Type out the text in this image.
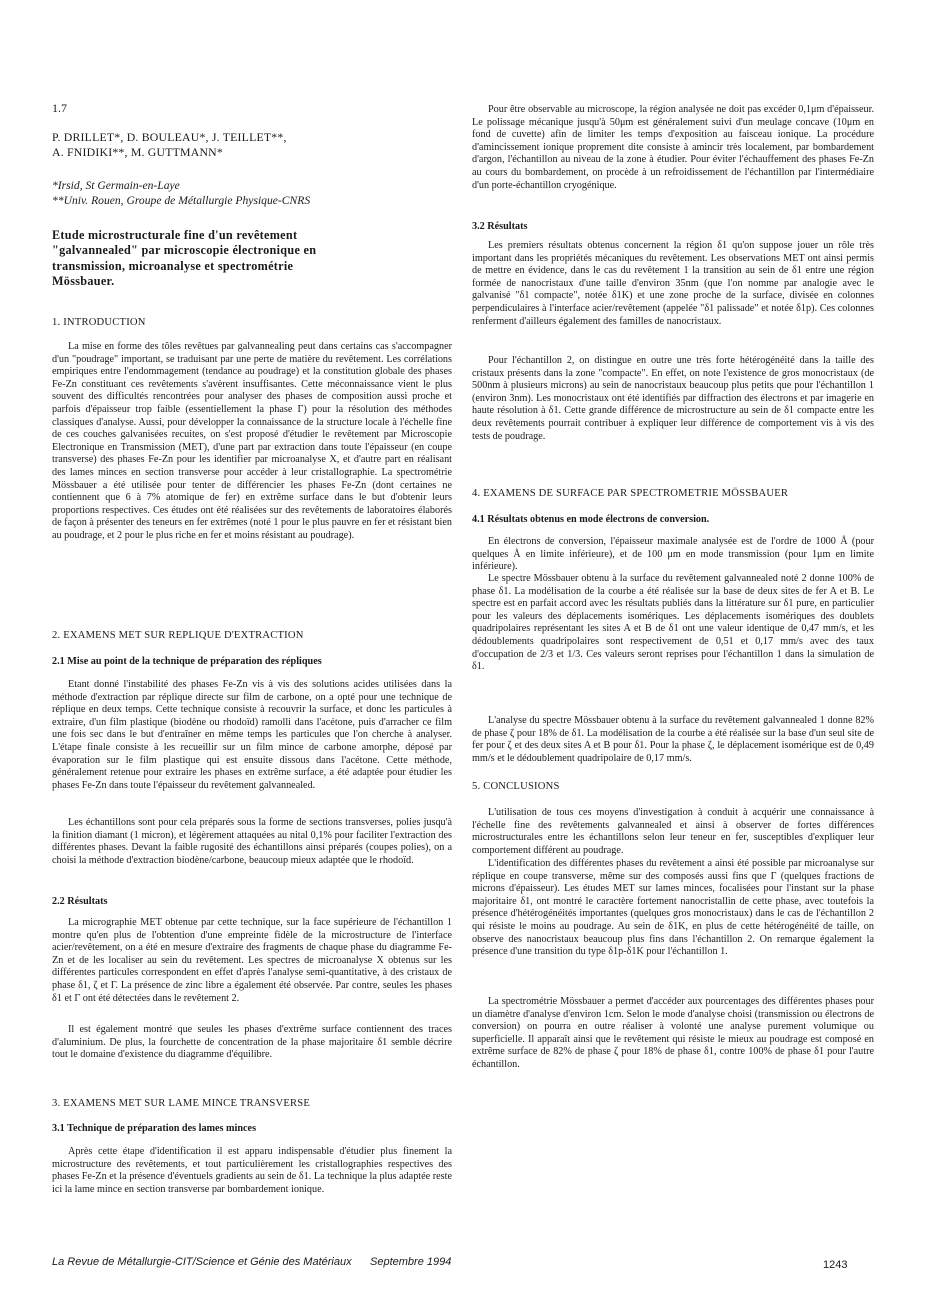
1.7
P. DRILLET*, D. BOULEAU*, J. TEILLET**,
A. FNIDIKI**, M. GUTTMANN*
*Irsid, St Germain-en-Laye
**Univ. Rouen, Groupe de Métallurgie Physique-CNRS
Etude microstructurale fine d'un revêtement "galvannealed" par microscopie électronique en transmission, microanalyse et spectrométrie Mössbauer.
1. INTRODUCTION

La mise en forme des tôles revêtues par galvannealing peut dans certains cas s'accompagner d'un "poudrage" important, se traduisant par une perte de matière du revêtement. Les corrélations empiriques entre l'endommagement (tendance au poudrage) et la constitution globale des phases Fe-Zn constituant ces revêtements s'avèrent insuffisantes. Cette méconnaissance vient le plus souvent des difficultés rencontrées pour analyser des phases de composition aussi proche et parfois d'épaisseur trop faible (essentiellement la phase Γ) pour la résolution des méthodes classiques d'analyse. Aussi, pour développer la connaissance de la structure locale à l'échelle fine de ces couches galvanisées recuites, on s'est proposé d'étudier le revêtement par Microscopie Electronique en Transmission (MET), d'une part par extraction dans toute l'épaisseur (en coupe transverse) des phases Fe-Zn pour les identifier par microanalyse X, et d'autre part en réalisant des lames minces en section transverse pour accéder à leur cristallographie. La spectrométrie Mössbauer a été utilisée pour tenter de différencier les phases Fe-Zn (dont certaines ne contiennent que 6 à 7% atomique de fer) en extrême surface dans le but d'obtenir leurs proportions respectives. Ces études ont été réalisées sur des revêtements de laboratoires élaborés de façon à présenter des teneurs en fer extrêmes (noté 1 pour le plus pauvre en fer et résistant bien au poudrage, et 2 pour le plus riche en fer et moins résistant au poudrage).

2. EXAMENS MET SUR REPLIQUE D'EXTRACTION
2.1 Mise au point de la technique de préparation des répliques

Etant donné l'instabilité des phases Fe-Zn vis à vis des solutions acides utilisées dans la méthode d'extraction par réplique directe sur film de carbone, on a opté pour une technique de réplique en deux temps. Cette technique consiste à recouvrir la surface, et donc les particules à extraire, d'un film plastique (biodène ou rhodoïd) ramolli dans l'acétone, puis d'arracher ce film une fois sec dans le but d'entraîner en même temps les particules que l'on cherche à analyser. L'étape finale consiste à les recueillir sur un film mince de carbone amorphe, déposé par évaporation sur le film plastique qui est ensuite dissous dans l'acétone. Cette méthode, généralement retenue pour extraire les phases en extrême surface, a été adaptée pour étudier les phases Fe-Zn dans toute l'épaisseur du revêtement galvannealed.

Les échantillons sont pour cela préparés sous la forme de sections transverses, polies jusqu'à la finition diamant (1 micron), et légèrement attaquées au nital 0,1% pour faciliter l'extraction des différentes phases. Devant la faible rugosité des échantillons ainsi préparés (coupes polies), on a choisi la méthode d'extraction biodène/carbone, beaucoup mieux adaptée que le rhodoïd.

2.2 Résultats

La micrographie MET obtenue par cette technique, sur la face supérieure de l'échantillon 1 montre qu'en plus de l'obtention d'une empreinte fidèle de la microstructure de l'interface acier/revêtement, on a été en mesure d'extraire des fragments de chaque phase du diagramme Fe-Zn et de les localiser au sein du revêtement. Les spectres de microanalyse X obtenus sur les différentes particules correspondent en effet d'après l'analyse semi-quantitative, à des cristaux de phase δ1, ζ et Γ. La présence de zinc libre a également été observée. Par contre, seules les phases δ1 et Γ ont été détectées dans le revêtement 2.

Il est également montré que seules les phases d'extrême surface contiennent des traces d'aluminium. De plus, la fourchette de concentration de la phase majoritaire δ1 semble décrire tout le domaine d'existence du diagramme d'équilibre.

3. EXAMENS MET SUR LAME MINCE TRANSVERSE
3.1 Technique de préparation des lames minces

Après cette étape d'identification il est apparu indispensable d'étudier plus finement la microstructure des revêtements, et tout particulièrement les cristallographies respectives des phases Fe-Zn et la présence d'éventuels gradients au sein de δ1. La technique la plus adaptée reste ici la lame mince en section transverse par bombardement ionique.

Pour être observable au microscope, la région analysée ne doit pas excéder 0,1μm d'épaisseur. Le polissage mécanique jusqu'à 50μm est généralement suivi d'un meulage concave (10μm en fond de cuvette) afin de limiter les temps d'exposition au faisceau ionique. La procédure d'amincissement ionique proprement dite consiste à amincir très localement, par bombardement d'argon, l'échantillon au niveau de la zone à étudier. Pour éviter l'échauffement des phases Fe-Zn au cours du bombardement, on procède à un refroidissement de l'échantillon par l'intermédiaire d'un porte-échantillon cryogénique.

3.2 Résultats

Les premiers résultats obtenus concernent la région δ1 qu'on suppose jouer un rôle très important dans les propriétés mécaniques du revêtement. Les observations MET ont ainsi permis de mettre en évidence, dans le cas du revêtement 1 la transition au sein de δ1 entre une région formée de nanocristaux d'une taille d'environ 35nm (que l'on nomme par analogie avec le galvanisé "δ1 compacte", notée δ1K) et une zone proche de la surface, divisée en colonnes perpendiculaires à l'interface acier/revêtement (appelée "δ1 palissade" et notée δ1p). Ces colonnes renferment d'ailleurs également des familles de nanocristaux.

Pour l'échantillon 2, on distingue en outre une très forte hétérogénéité dans la taille des cristaux présents dans la zone "compacte". En effet, on note l'existence de gros monocristaux (de 500nm à plusieurs microns) au sein de nanocristaux beaucoup plus petits que pour l'échantillon 1 (environ 3nm). Les monocristaux ont été identifiés par diffraction des électrons et par imagerie en haute résolution à δ1. Cette grande différence de microstructure au sein de δ1 compacte entre les deux revêtements pourrait contribuer à expliquer leur différence de comportement vis à vis des tests de poudrage.

4. EXAMENS DE SURFACE PAR SPECTROMETRIE MÖSSBAUER
4.1 Résultats obtenus en mode électrons de conversion.

En électrons de conversion, l'épaisseur maximale analysée est de l'ordre de 1000 Å (pour quelques Å en limite inférieure), et de 100 μm en mode transmission (pour 1μm en limite inférieure).

Le spectre Mössbauer obtenu à la surface du revêtement galvannealed noté 2 donne 100% de phase δ1. La modélisation de la courbe a été réalisée sur la base de deux sites de fer A et B. Le spectre est en parfait accord avec les résultats publiés dans la littérature sur δ1 pure, en particulier pour les valeurs des déplacements isomériques. Les déplacements isomériques des doublets quadripolaires représentant les sites A et B de δ1 ont une valeur identique de 0,47 mm/s, et les dédoublements quadripolaires sont respectivement de 0,51 et 0,17 mm/s avec des taux d'occupation de 2/3 et 1/3. Ces valeurs seront reprises pour l'échantillon 1 dans la simulation de δ1.

L'analyse du spectre Mössbauer obtenu à la surface du revêtement galvannealed 1 donne 82% de phase ζ pour 18% de δ1. La modélisation de la courbe a été réalisée sur la base d'un seul site de fer pour ζ et des deux sites A et B pour δ1. Pour la phase ζ, le déplacement isomérique est de 0,49 mm/s et le dédoublement quadripolaire de 0,17 mm/s.

5. CONCLUSIONS

L'utilisation de tous ces moyens d'investigation à conduit à acquérir une connaissance à l'échelle fine des revêtements galvannealed et ainsi à observer de fortes différences microstructurales entre les échantillons selon leur teneur en fer, susceptibles d'expliquer leur comportement différent au poudrage.

L'identification des différentes phases du revêtement a ainsi été possible par microanalyse sur réplique en coupe transverse, même sur des composés aussi fins que Γ (quelques fractions de microns d'épaisseur). Les études MET sur lames minces, focalisées pour l'instant sur la phase majoritaire δ1, ont montré le caractère fortement nanocristallin de cette phase, avec toutefois la présence d'hétérogénéités importantes (quelques gros monocristaux) dans le cas de l'échantillon 2 qui résiste le moins au poudrage. Au sein de δ1K, en plus de cette hétérogénéité de taille, on observe des nanocristaux beaucoup plus fins dans l'échantillon 2. On remarque également la présence d'une transition du type δ1p-δ1K pour l'échantillon 1.

La spectrométrie Mössbauer a permet d'accéder aux pourcentages des différentes phases pour un diamètre d'analyse d'environ 1cm. Selon le mode d'analyse choisi (transmission ou électrons de conversion) on pourra en outre réaliser à volonté une analyse purement volumique ou superficielle. Il apparaît ainsi que le revêtement qui résiste le mieux au poudrage est composé en extrême surface de 82% de phase ζ pour 18% de phase δ1, contre 100% de phase δ1 pour l'autre échantillon.

La Revue de Métallurgie-CIT/Science et Génie des Matériaux Septembre 1994	1243
